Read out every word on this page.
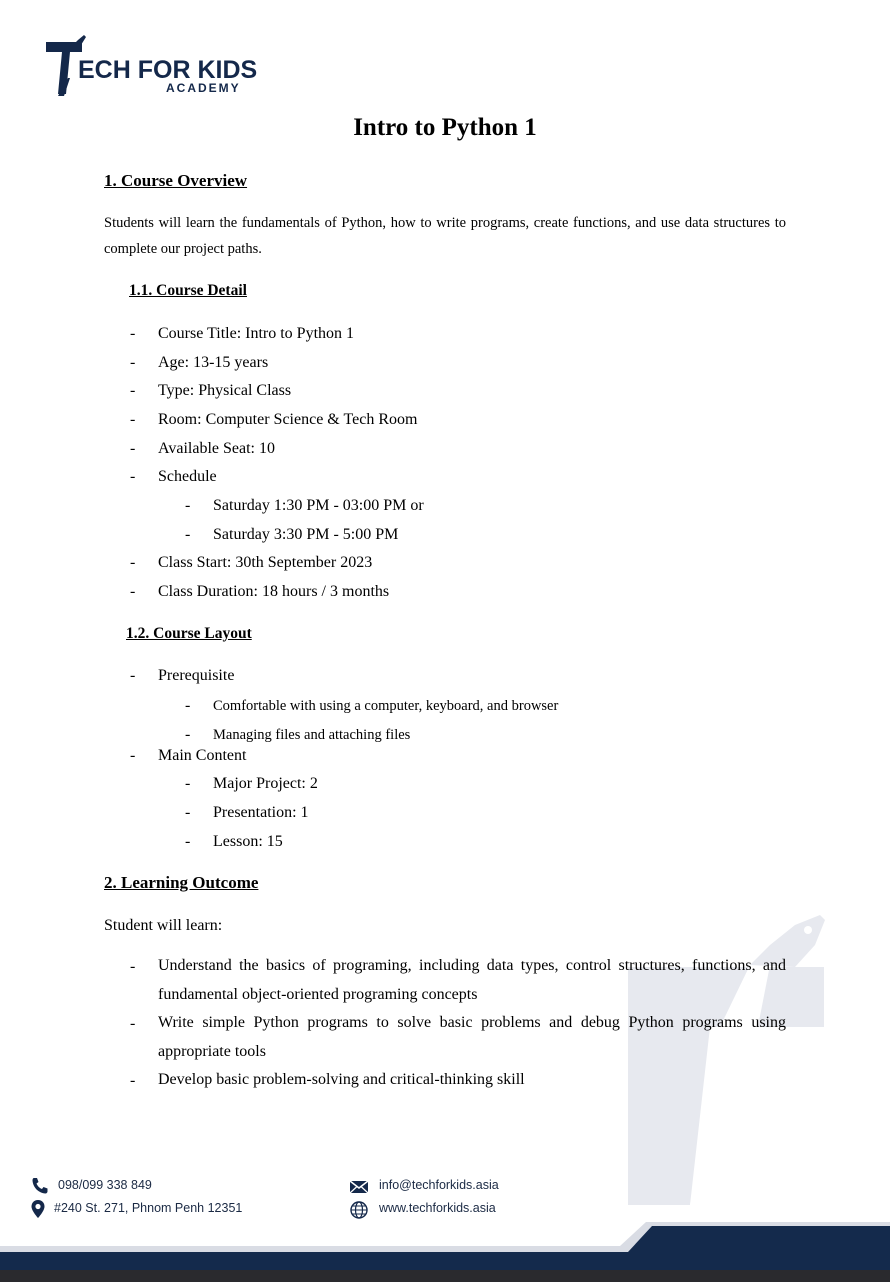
ECH FOR KIDS
ACADEMY
Intro to Python 1
1. Course Overview

Students will learn the fundamentals of Python, how to write programs, create functions, and use data structures to complete our project paths.

1.1. Course Detail
- Course Title: Intro to Python 1
- Age: 13-15 years
- Type: Physical Class
- Room: Computer Science & Tech Room
- Available Seat: 10
- Schedule
- Saturday 1:30 PM - 03:00 PM or
- Saturday 3:30 PM - 5:00 PM
- Class Start: 30th September 2023
- Class Duration: 18 hours / 3 months
1.2. Course Layout
- Prerequisite
- Comfortable with using a computer, keyboard, and browser
- Managing files and attaching files
- Main Content
- Major Project: 2
- Presentation: 1
- Lesson: 15
2. Learning Outcome
Student will learn:
- Understand the basics of programing, including data types, control structures, functions, and fundamental object-oriented programing concepts

- Write simple Python programs to solve basic problems and debug Python programs using appropriate tools

- Develop basic problem-solving and critical-thinking skill

098/099 338 849
#240 St. 271, Phnom Penh 12351
info@techforkids.asia
www.techforkids.asia
